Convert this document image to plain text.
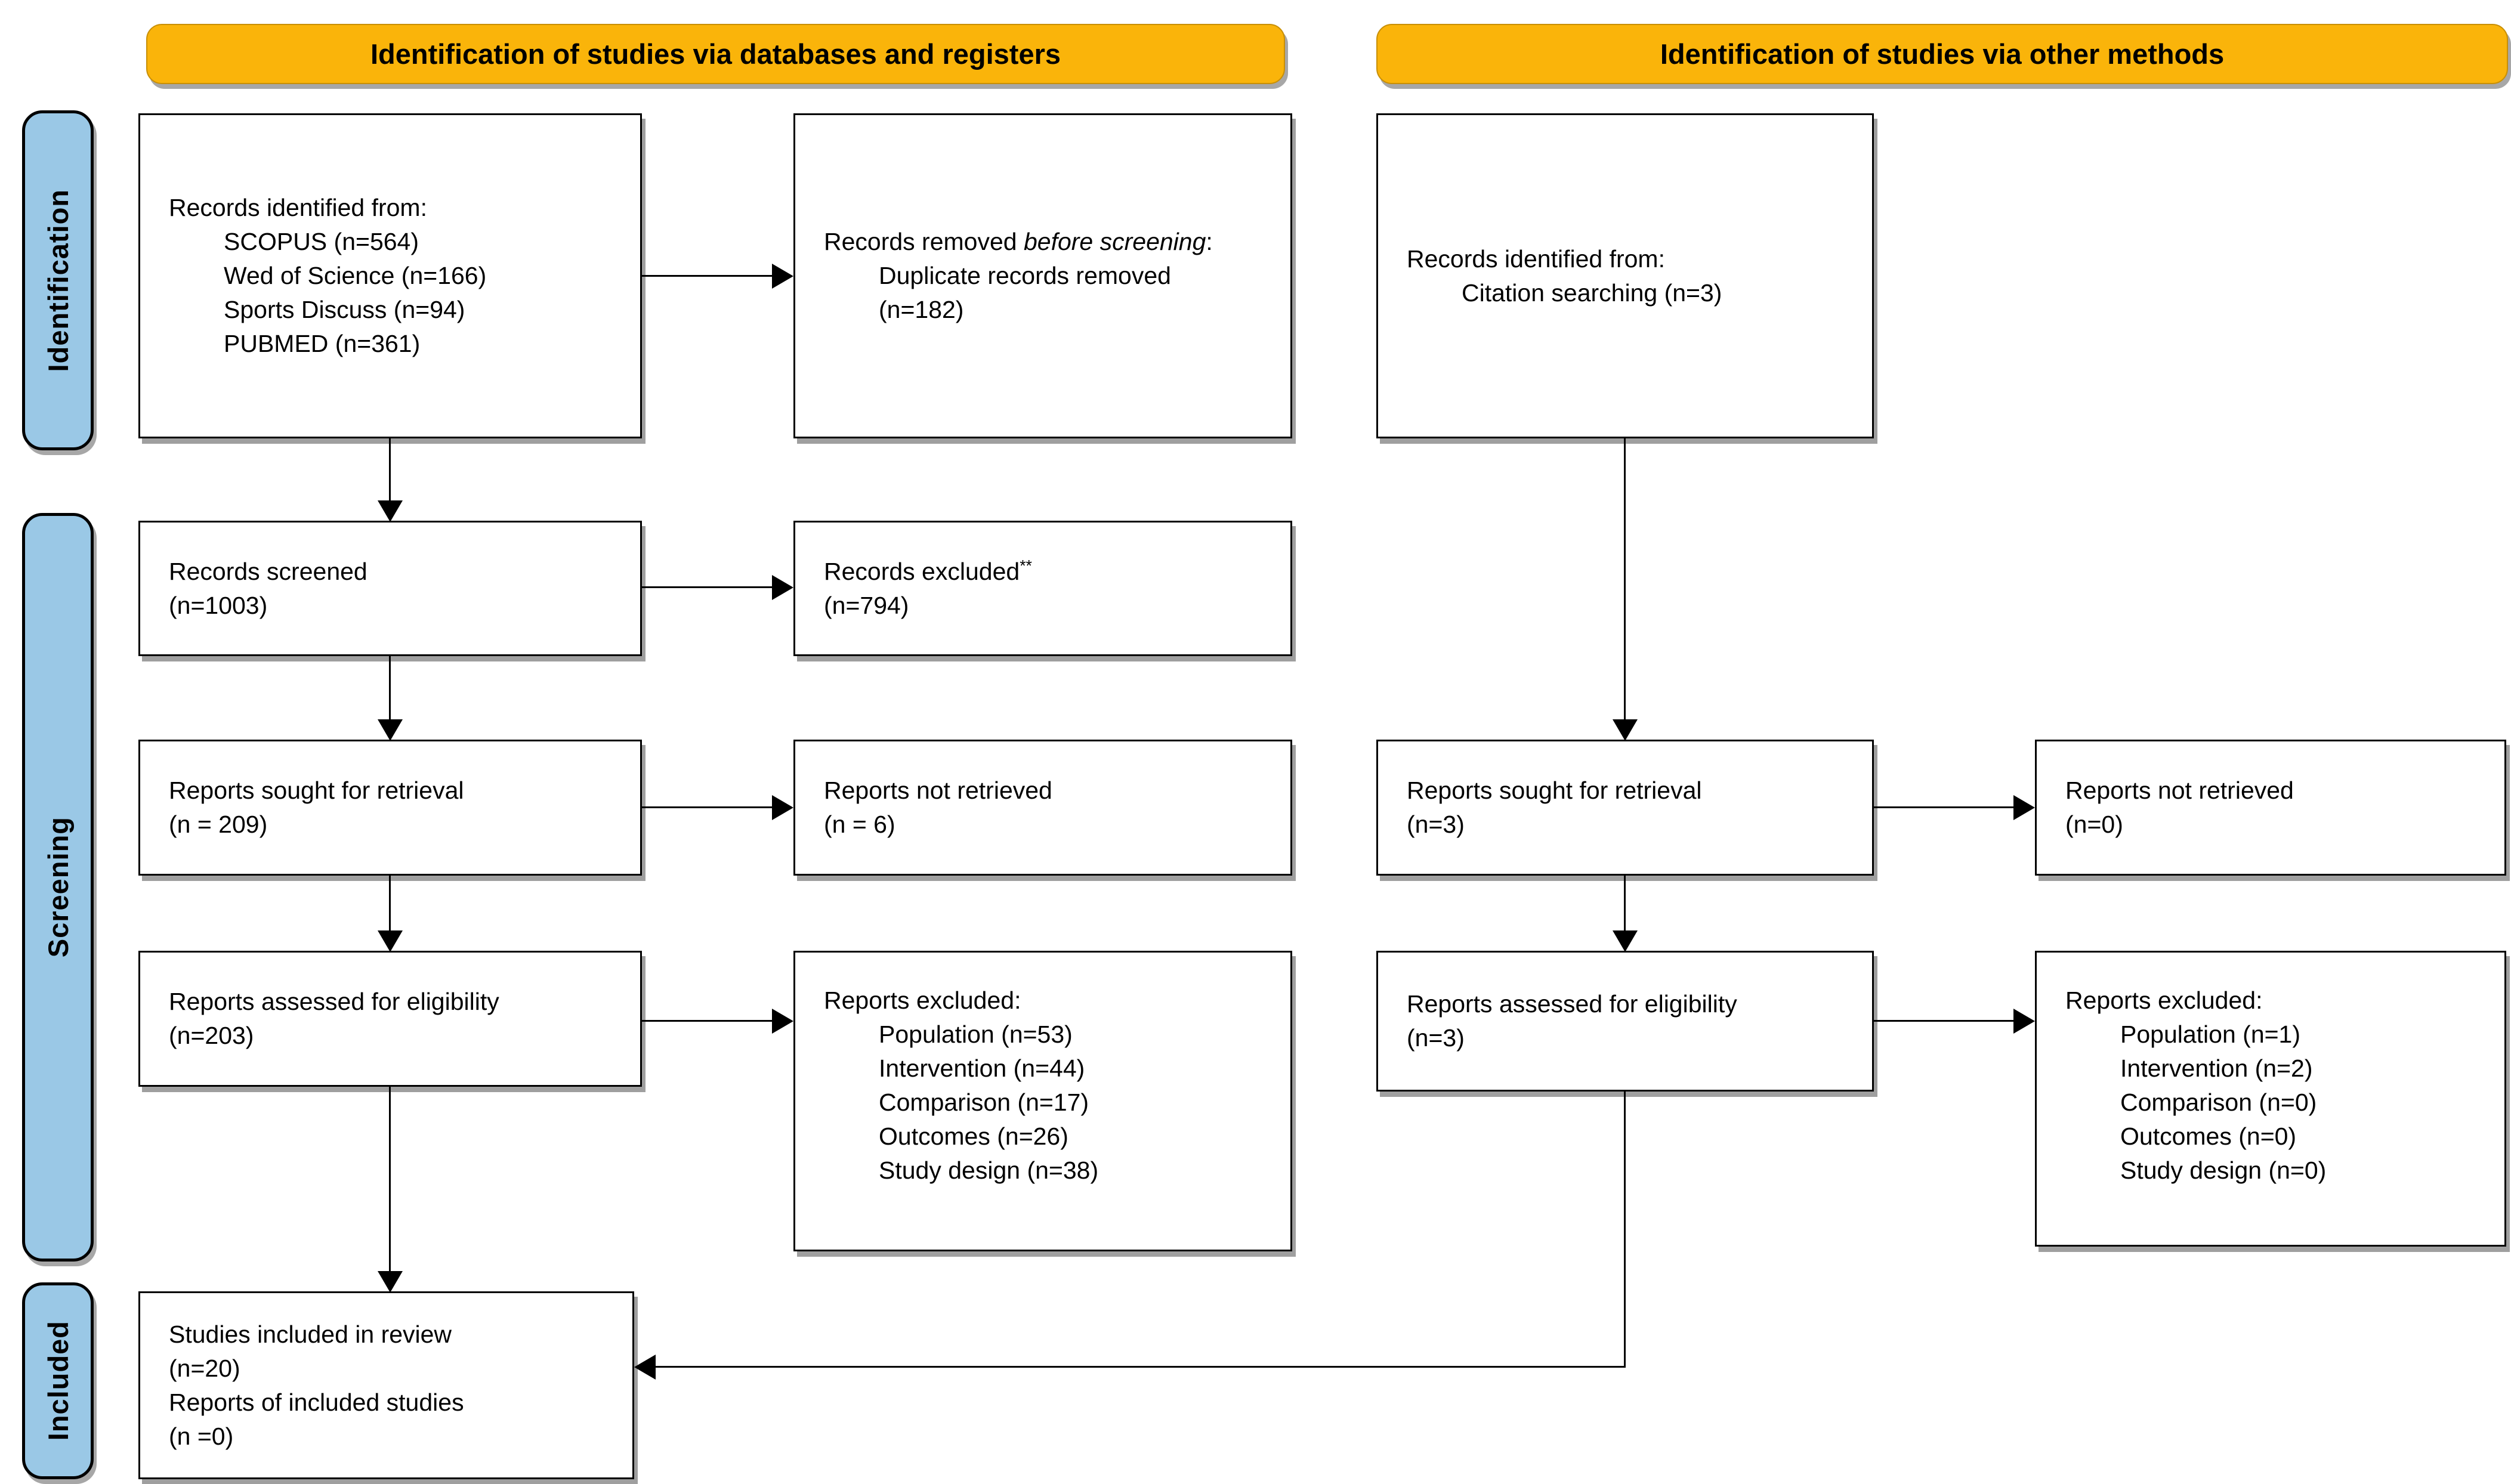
Identification of studies via databases and registers	Identification of studies via other methods
Identification
Screening
Included
Records identified from:
SCOPUS (n=564)
Wed of Science (n=166)
Sports Discuss (n=94)
PUBMED (n=361)
Records removed before screening:
Duplicate records removed
(n=182)
Records identified from:
Citation searching (n=3)
Records screened
(n=1003)
Records excluded**
(n=794)
Reports sought for retrieval
(n = 209)
Reports not retrieved
(n = 6)
Reports sought for retrieval
(n=3)
Reports not retrieved
(n=0)
Reports assessed for eligibility
(n=203)
Reports excluded:
Population (n=53)
Intervention (n=44)
Comparison (n=17)
Outcomes (n=26)
Study design (n=38)
Reports assessed for eligibility
(n=3)
Reports excluded:
Population (n=1)
Intervention (n=2)
Comparison (n=0)
Outcomes (n=0)
Study design (n=0)
Studies included in review
(n=20)
Reports of included studies
(n =0)
